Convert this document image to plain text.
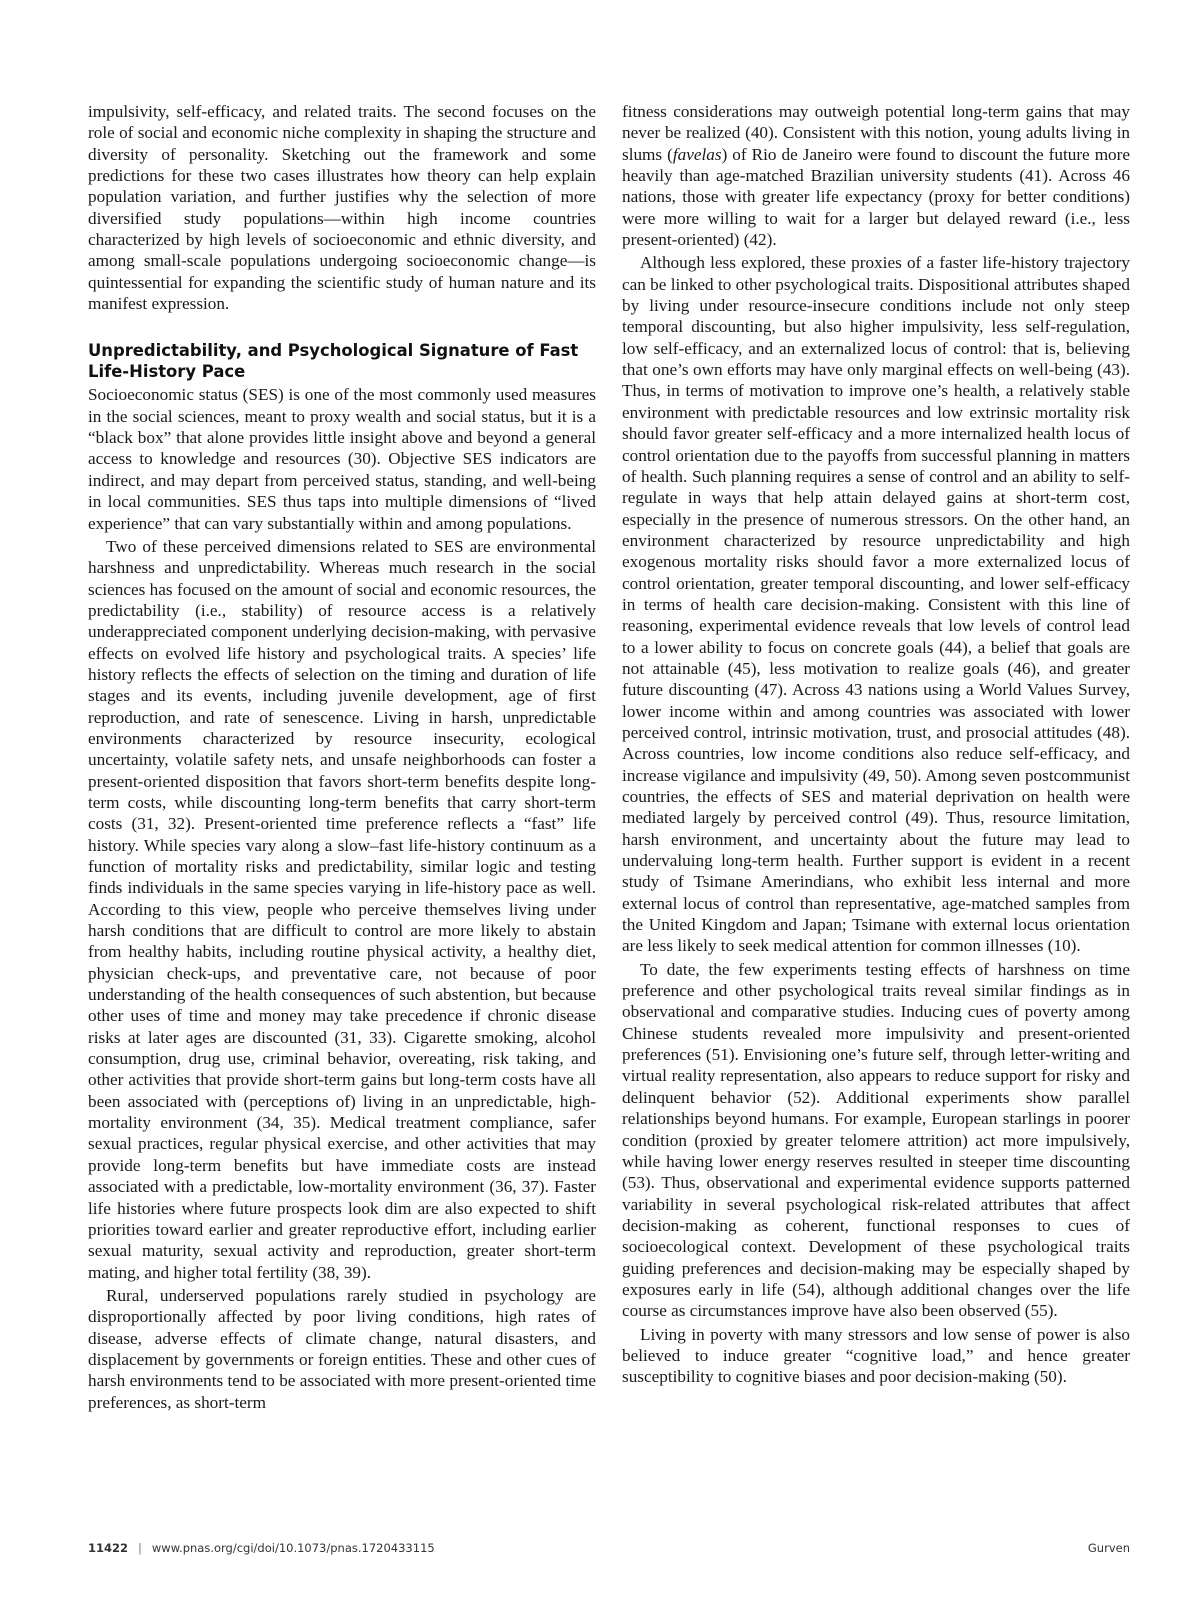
impulsivity, self-efficacy, and related traits. The second focuses on the role of social and economic niche complexity in shaping the structure and diversity of personality. Sketching out the framework and some predictions for these two cases illustrates how theory can help explain population variation, and further justifies why the selection of more diversified study populations—within high income countries characterized by high levels of socioeconomic and ethnic diversity, and among small-scale populations undergoing socioeconomic change—is quintessential for expanding the scientific study of human nature and its manifest expression.

Unpredictability, and Psychological Signature of Fast Life-History Pace

Socioeconomic status (SES) is one of the most commonly used measures in the social sciences, meant to proxy wealth and social status, but it is a “black box” that alone provides little insight above and beyond a general access to knowledge and resources (30). Objective SES indicators are indirect, and may depart from perceived status, standing, and well-being in local communities. SES thus taps into multiple dimensions of “lived experience” that can vary substantially within and among populations.

Two of these perceived dimensions related to SES are environmental harshness and unpredictability. Whereas much research in the social sciences has focused on the amount of social and economic resources, the predictability (i.e., stability) of resource access is a relatively underappreciated component underlying decision-making, with pervasive effects on evolved life history and psychological traits. A species’ life history reflects the effects of selection on the timing and duration of life stages and its events, including juvenile development, age of first reproduction, and rate of senescence. Living in harsh, unpredictable environments characterized by resource insecurity, ecological uncertainty, volatile safety nets, and unsafe neighborhoods can foster a present-oriented disposition that favors short-term benefits despite long-term costs, while discounting long-term benefits that carry short-term costs (31, 32). Present-oriented time preference reflects a “fast” life history. While species vary along a slow–fast life-history continuum as a function of mortality risks and predictability, similar logic and testing finds individuals in the same species varying in life-history pace as well. According to this view, people who perceive themselves living under harsh conditions that are difficult to control are more likely to abstain from healthy habits, including routine physical activity, a healthy diet, physician check-ups, and preventative care, not because of poor understanding of the health consequences of such abstention, but because other uses of time and money may take precedence if chronic disease risks at later ages are discounted (31, 33). Cigarette smoking, alcohol consumption, drug use, criminal behavior, overeating, risk taking, and other activities that provide short-term gains but long-term costs have all been associated with (perceptions of) living in an unpredictable, high-mortality environment (34, 35). Medical treatment compliance, safer sexual practices, regular physical exercise, and other activities that may provide long-term benefits but have immediate costs are instead associated with a predictable, low-mortality environment (36, 37). Faster life histories where future prospects look dim are also expected to shift priorities toward earlier and greater reproductive effort, including earlier sexual maturity, sexual activity and reproduction, greater short-term mating, and higher total fertility (38, 39).

Rural, underserved populations rarely studied in psychology are disproportionally affected by poor living conditions, high rates of disease, adverse effects of climate change, natural disasters, and displacement by governments or foreign entities. These and other cues of harsh environments tend to be associated with more present-oriented time preferences, as short-term

fitness considerations may outweigh potential long-term gains that may never be realized (40). Consistent with this notion, young adults living in slums (favelas) of Rio de Janeiro were found to discount the future more heavily than age-matched Brazilian university students (41). Across 46 nations, those with greater life expectancy (proxy for better conditions) were more willing to wait for a larger but delayed reward (i.e., less present-oriented) (42).

Although less explored, these proxies of a faster life-history trajectory can be linked to other psychological traits. Dispositional attributes shaped by living under resource-insecure conditions include not only steep temporal discounting, but also higher impulsivity, less self-regulation, low self-efficacy, and an externalized locus of control: that is, believing that one’s own efforts may have only marginal effects on well-being (43). Thus, in terms of motivation to improve one’s health, a relatively stable environment with predictable resources and low extrinsic mortality risk should favor greater self-efficacy and a more internalized health locus of control orientation due to the payoffs from successful planning in matters of health. Such planning requires a sense of control and an ability to self-regulate in ways that help attain delayed gains at short-term cost, especially in the presence of numerous stressors. On the other hand, an environment characterized by resource unpredictability and high exogenous mortality risks should favor a more externalized locus of control orientation, greater temporal discounting, and lower self-efficacy in terms of health care decision-making. Consistent with this line of reasoning, experimental evidence reveals that low levels of control lead to a lower ability to focus on concrete goals (44), a belief that goals are not attainable (45), less motivation to realize goals (46), and greater future discounting (47). Across 43 nations using a World Values Survey, lower income within and among countries was associated with lower perceived control, intrinsic motivation, trust, and prosocial attitudes (48). Across countries, low income conditions also reduce self-efficacy, and increase vigilance and impulsivity (49, 50). Among seven postcommunist countries, the effects of SES and material deprivation on health were mediated largely by perceived control (49). Thus, resource limitation, harsh environment, and uncertainty about the future may lead to undervaluing long-term health. Further support is evident in a recent study of Tsimane Amerindians, who exhibit less internal and more external locus of control than representative, age-matched samples from the United Kingdom and Japan; Tsimane with external locus orientation are less likely to seek medical attention for common illnesses (10).

To date, the few experiments testing effects of harshness on time preference and other psychological traits reveal similar findings as in observational and comparative studies. Inducing cues of poverty among Chinese students revealed more impulsivity and present-oriented preferences (51). Envisioning one’s future self, through letter-writing and virtual reality representation, also appears to reduce support for risky and delinquent behavior (52). Additional experiments show parallel relationships beyond humans. For example, European starlings in poorer condition (proxied by greater telomere attrition) act more impulsively, while having lower energy reserves resulted in steeper time discounting (53). Thus, observational and experimental evidence supports patterned variability in several psychological risk-related attributes that affect decision-making as coherent, functional responses to cues of socioecological context. Development of these psychological traits guiding preferences and decision-making may be especially shaped by exposures early in life (54), although additional changes over the life course as circumstances improve have also been observed (55).

Living in poverty with many stressors and low sense of power is also believed to induce greater “cognitive load,” and hence greater susceptibility to cognitive biases and poor decision-making (50).

11422 | www.pnas.org/cgi/doi/10.1073/pnas.1720433115	Gurven
